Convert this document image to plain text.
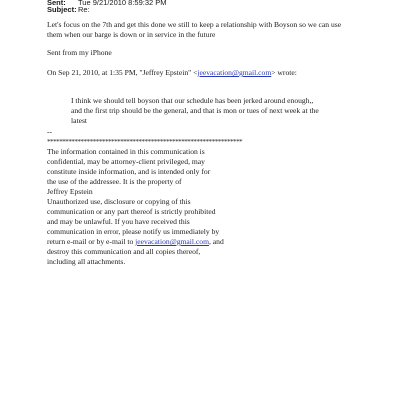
Sent: Tue 9/21/2010 8:59:32 PM
Subject:Re:
Let's focus on the 7th and get this done we still to keep a relationship with Boyson so we can use
them when our barge is down or in service in the future
Sent from my iPhone
On Sep 21, 2010, at 1:35 PM, "Jeffrey Epstein" <jeevacation@gmail.com> wrote:
I think we should tell boyson that our schedule has been jerked around enough,,
and the first trip should be the general, and that is mon or tues of next week at the
latest
--
****************************************************************
The information contained in this communication is
confidential, may be attorney-client privileged, may
constitute inside information, and is intended only for
the use of the addressee. It is the property of
Jeffrey Epstein
Unauthorized use, disclosure or copying of this
communication or any part thereof is strictly prohibited
and may be unlawful. If you have received this
communication in error, please notify us immediately by
return e-mail or by e-mail to jeevacation@gmail.com, and
destroy this communication and all copies thereof,
including all attachments.
